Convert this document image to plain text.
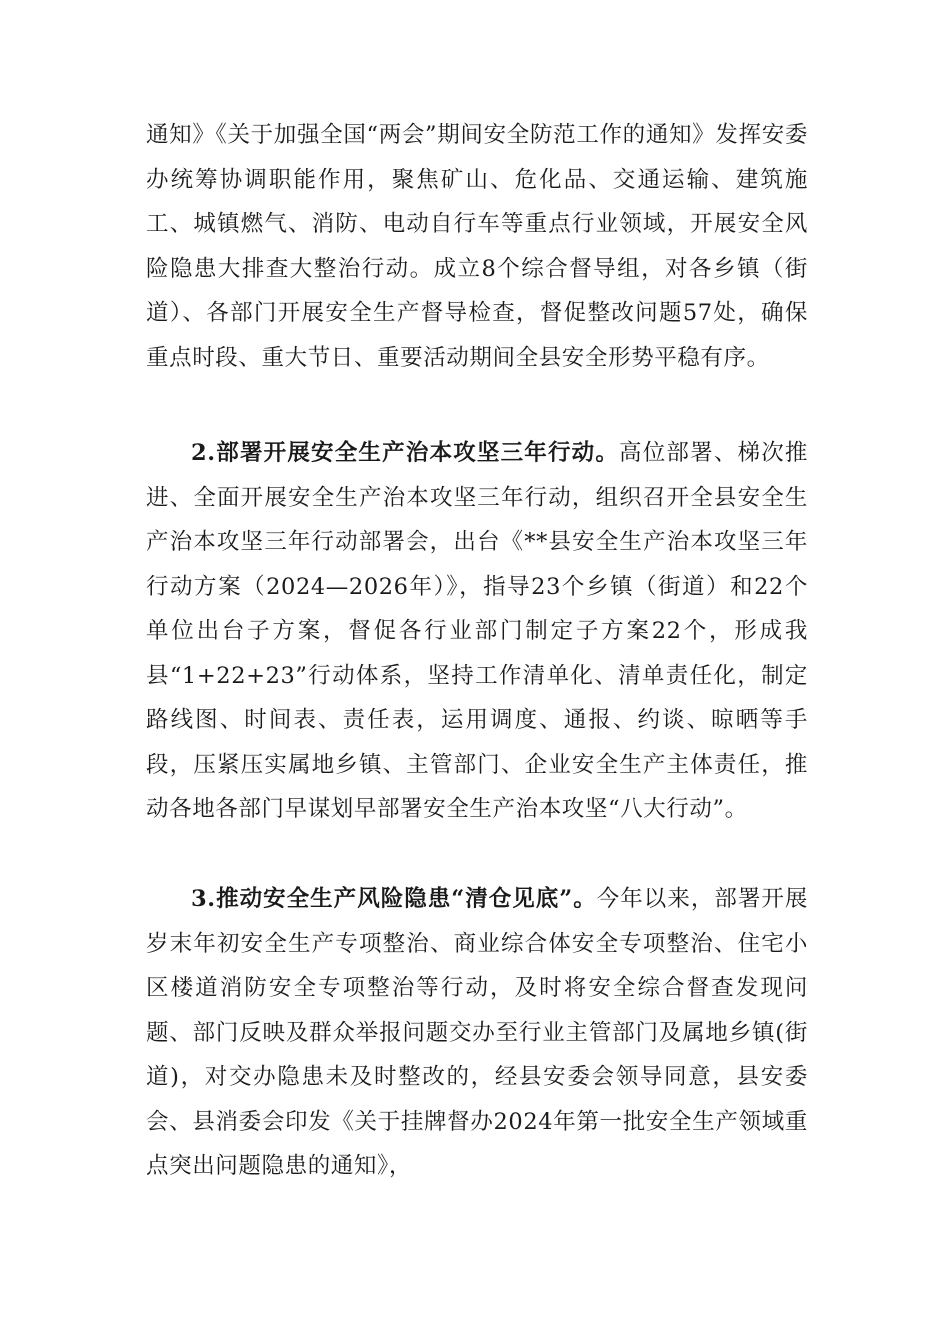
通知》《关于加强全国“两会”期间安全防范工作的通知》发挥安委办统筹协调职能作用，聚焦矿山、危化品、交通运输、建筑施工、城镇燃气、消防、电动自行车等重点行业领域，开展安全风险隐患大排查大整治行动。成立8个综合督导组，对各乡镇（街道）、各部门开展安全生产督导检查，督促整改问题57处，确保重点时段、重大节日、重要活动期间全县安全形势平稳有序。

2.部署开展安全生产治本攻坚三年行动。高位部署、梯次推进、全面开展安全生产治本攻坚三年行动，组织召开全县安全生产治本攻坚三年行动部署会，出台《**县安全生产治本攻坚三年行动方案（2024—2026年）》，指导23个乡镇（街道）和22个单位出台子方案，督促各行业部门制定子方案22个，形成我县“1+22+23”行动体系，坚持工作清单化、清单责任化，制定路线图、时间表、责任表，运用调度、通报、约谈、晾晒等手段，压紧压实属地乡镇、主管部门、企业安全生产主体责任，推动各地各部门早谋划早部署安全生产治本攻坚“八大行动”。

3.推动安全生产风险隐患“清仓见底”。今年以来，部署开展岁末年初安全生产专项整治、商业综合体安全专项整治、住宅小区楼道消防安全专项整治等行动，及时将安全综合督查发现问题、部门反映及群众举报问题交办至行业主管部门及属地乡镇(街道)，对交办隐患未及时整改的，经县安委会领导同意，县安委会、县消委会印发《关于挂牌督办2024年第一批安全生产领域重点突出问题隐患的通知》，
